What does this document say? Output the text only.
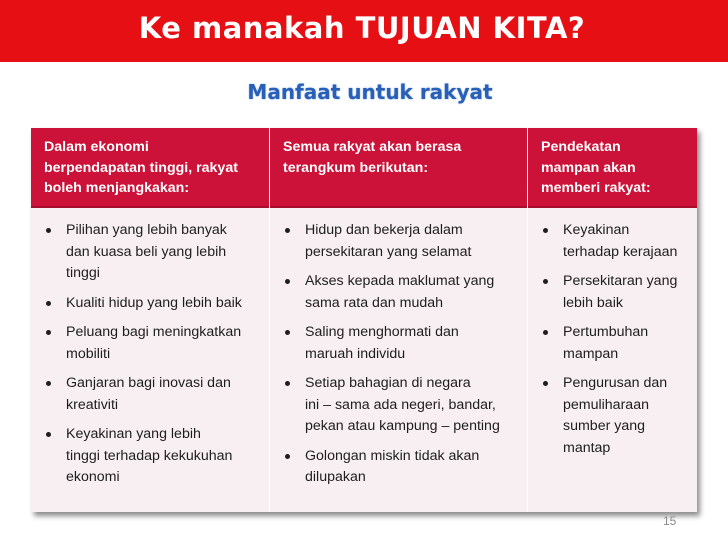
Ke manakah TUJUAN KITA?
Manfaat untuk rakyat
Dalam ekonomi
berpendapatan tinggi, rakyat
boleh menjangkakan:
Pilihan yang lebih banyak
dan kuasa beli yang lebih
tinggi
Kualiti hidup yang lebih baik
Peluang bagi meningkatkan
mobiliti
Ganjaran bagi inovasi dan
kreativiti
Keyakinan yang lebih
tinggi terhadap kekukuhan
ekonomi
Semua rakyat akan berasa
terangkum berikutan:
Hidup dan bekerja dalam
persekitaran yang selamat
Akses kepada maklumat yang
sama rata dan mudah
Saling menghormati dan
maruah individu
Setiap bahagian di negara
ini – sama ada negeri, bandar,
pekan atau kampung – penting
Golongan miskin tidak akan
dilupakan
Pendekatan
mampan akan
memberi rakyat:
Keyakinan
terhadap kerajaan
Persekitaran yang
lebih baik
Pertumbuhan
mampan
Pengurusan dan
pemuliharaan
sumber yang
mantap
15
